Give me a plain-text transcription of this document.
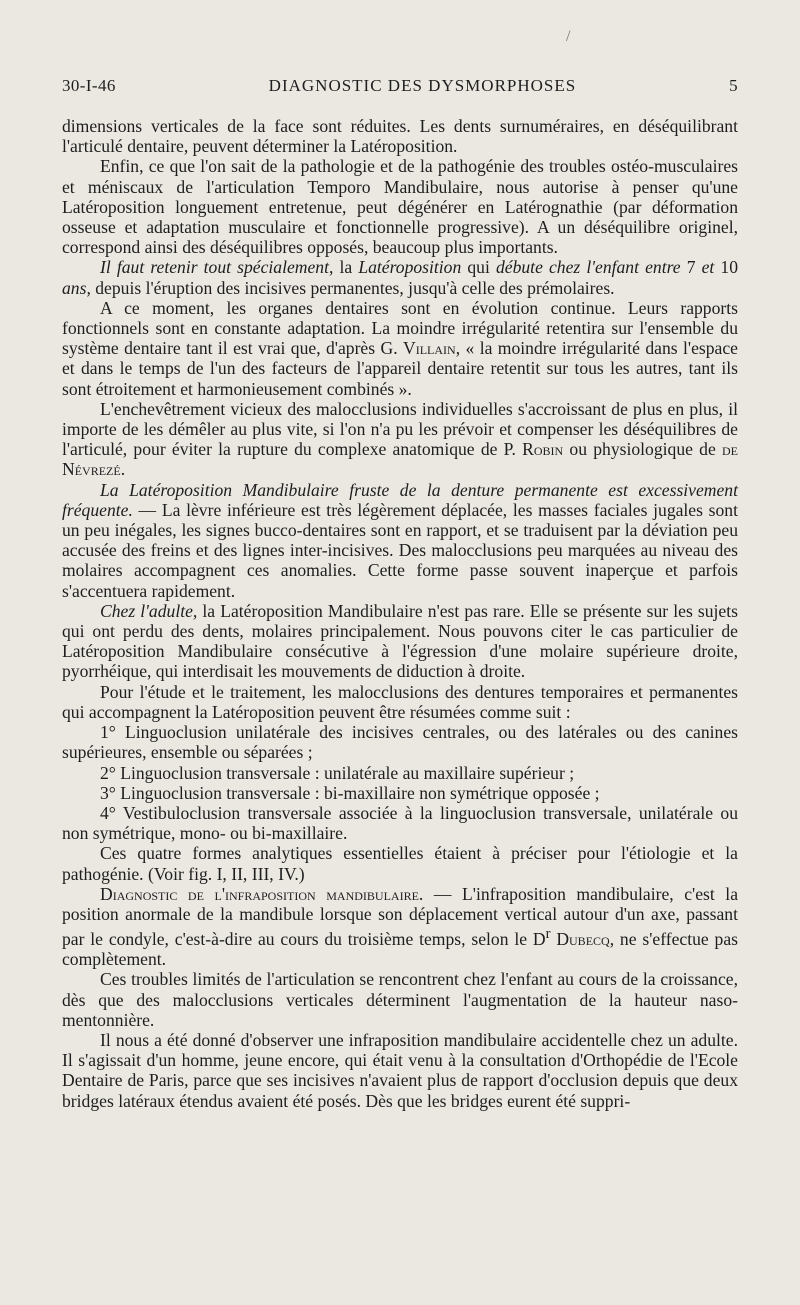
/
30-I-46	DIAGNOSTIC DES DYSMORPHOSES	5

dimensions verticales de la face sont réduites. Les dents surnuméraires, en déséquilibrant l'articulé dentaire, peuvent déterminer la Latéroposition.

Enfin, ce que l'on sait de la pathologie et de la pathogénie des troubles ostéo-musculaires et méniscaux de l'articulation Temporo Mandibulaire, nous autorise à penser qu'une Latéroposition longuement entretenue, peut dégénérer en Latérognathie (par déformation osseuse et adaptation musculaire et fonctionnelle progressive). A un déséquilibre originel, correspond ainsi des déséquilibres opposés, beaucoup plus importants.

Il faut retenir tout spécialement, la Latéroposition qui débute chez l'enfant entre 7 et 10 ans, depuis l'éruption des incisives permanentes, jusqu'à celle des prémolaires.

A ce moment, les organes dentaires sont en évolution continue. Leurs rapports fonctionnels sont en constante adaptation. La moindre irrégularité retentira sur l'ensemble du système dentaire tant il est vrai que, d'après G. Villain, « la moindre irrégularité dans l'espace et dans le temps de l'un des facteurs de l'appareil dentaire retentit sur tous les autres, tant ils sont étroitement et harmonieusement combinés ».

L'enchevêtrement vicieux des malocclusions individuelles s'accroissant de plus en plus, il importe de les démêler au plus vite, si l'on n'a pu les prévoir et compenser les déséquilibres de l'articulé, pour éviter la rupture du complexe anatomique de P. Robin ou physiologique de de Névrezé.

La Latéroposition Mandibulaire fruste de la denture permanente est excessivement fréquente. — La lèvre inférieure est très légèrement déplacée, les masses faciales jugales sont un peu inégales, les signes bucco-dentaires sont en rapport, et se traduisent par la déviation peu accusée des freins et des lignes inter-incisives. Des malocclusions peu marquées au niveau des molaires accompagnent ces anomalies. Cette forme passe souvent inaperçue et parfois s'accentuera rapidement.

Chez l'adulte, la Latéroposition Mandibulaire n'est pas rare. Elle se présente sur les sujets qui ont perdu des dents, molaires principalement. Nous pouvons citer le cas particulier de Latéroposition Mandibulaire consécutive à l'égression d'une molaire supérieure droite, pyorrhéique, qui interdisait les mouvements de diduction à droite.

Pour l'étude et le traitement, les malocclusions des dentures temporaires et permanentes qui accompagnent la Latéroposition peuvent être résumées comme suit :

1° Linguoclusion unilatérale des incisives centrales, ou des latérales ou des canines supérieures, ensemble ou séparées ;

2° Linguoclusion transversale : unilatérale au maxillaire supérieur ;

3° Linguoclusion transversale : bi-maxillaire non symétrique opposée ;

4° Vestibuloclusion transversale associée à la linguoclusion transversale, unilatérale ou non symétrique, mono- ou bi-maxillaire.

Ces quatre formes analytiques essentielles étaient à préciser pour l'étiologie et la pathogénie. (Voir fig. I, II, III, IV.)

Diagnostic de l'infraposition mandibulaire. — L'infraposition mandibulaire, c'est la position anormale de la mandibule lorsque son déplacement vertical autour d'un axe, passant par le condyle, c'est-à-dire au cours du troisième temps, selon le $D^r$ Dubecq, ne s'effectue pas complètement.

Ces troubles limités de l'articulation se rencontrent chez l'enfant au cours de la croissance, dès que des malocclusions verticales déterminent l'augmentation de la hauteur naso-mentonnière.

Il nous a été donné d'observer une infraposition mandibulaire accidentelle chez un adulte. Il s'agissait d'un homme, jeune encore, qui était venu à la consultation d'Orthopédie de l'Ecole Dentaire de Paris, parce que ses incisives n'avaient plus de rapport d'occlusion depuis que deux bridges latéraux étendus avaient été posés. Dès que les bridges eurent été suppri-
